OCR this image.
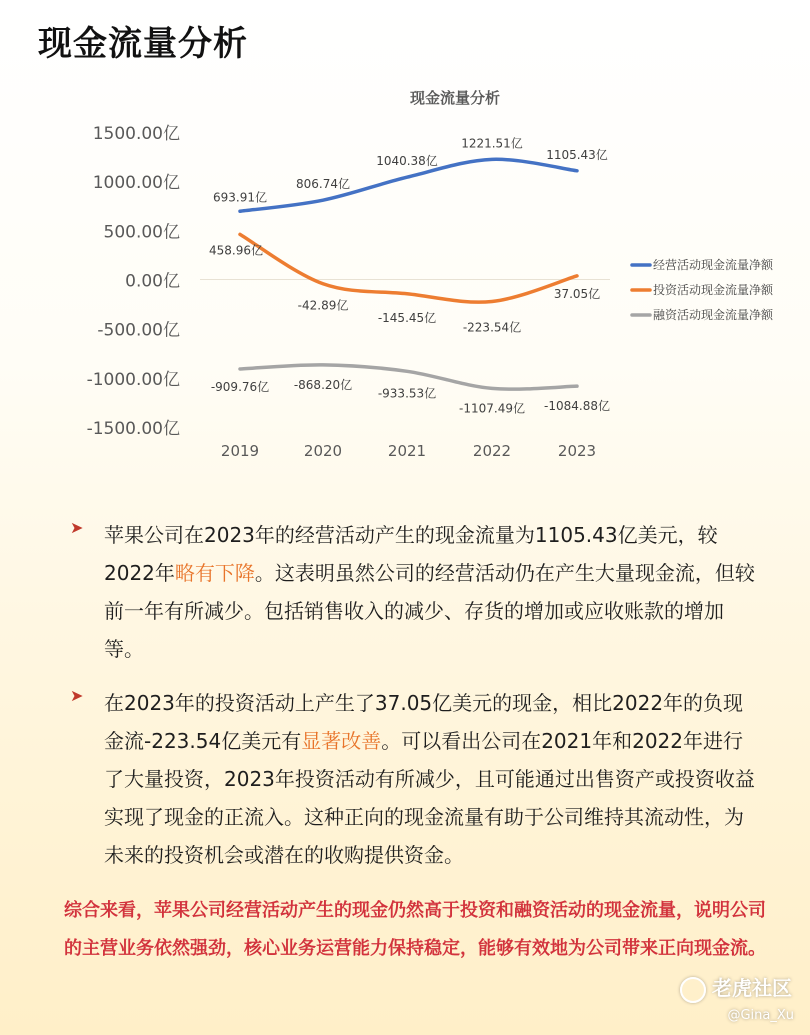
现金流量分析
现金流量分析
1500.00亿
1000.00亿
500.00亿
0.00亿
-500.00亿
-1000.00亿
-1500.00亿
2019	2020	2021	2022	2023
693.91亿
806.74亿
1040.38亿
1221.51亿
1105.43亿
经营活动现金流量净额
458.96亿
-42.89亿
-145.45亿
-223.54亿
37.05亿	投资活动现金流量净额
-909.76亿 -868.20亿
-933.53亿
-1107.49亿 -1084.88亿
融资活动现金流量净额
➤ 苹果公司在2023年的经营活动产生的现金流量为1105.43亿美元，较2022年略有下降。这表明虽然公司的经营活动仍在产生大量现金流，但较前一年有所减少。包括销售收入的减少、存货的增加或应收账款的增加等。

➤ 在2023年的投资活动上产生了37.05亿美元的现金，相比2022年的负现金流-223.54亿美元有显著改善。可以看出公司在2021年和2022年进行了大量投资，2023年投资活动有所减少，且可能通过出售资产或投资收益实现了现金的正流入。这种正向的现金流量有助于公司维持其流动性，为未来的投资机会或潜在的收购提供资金。

综合来看，苹果公司经营活动产生的现金仍然高于投资和融资活动的现金流量，说明公司的主营业务依然强劲，核心业务运营能力保持稳定，能够有效地为公司带来正向现金流。
老虎社区
@Gina_Xu
